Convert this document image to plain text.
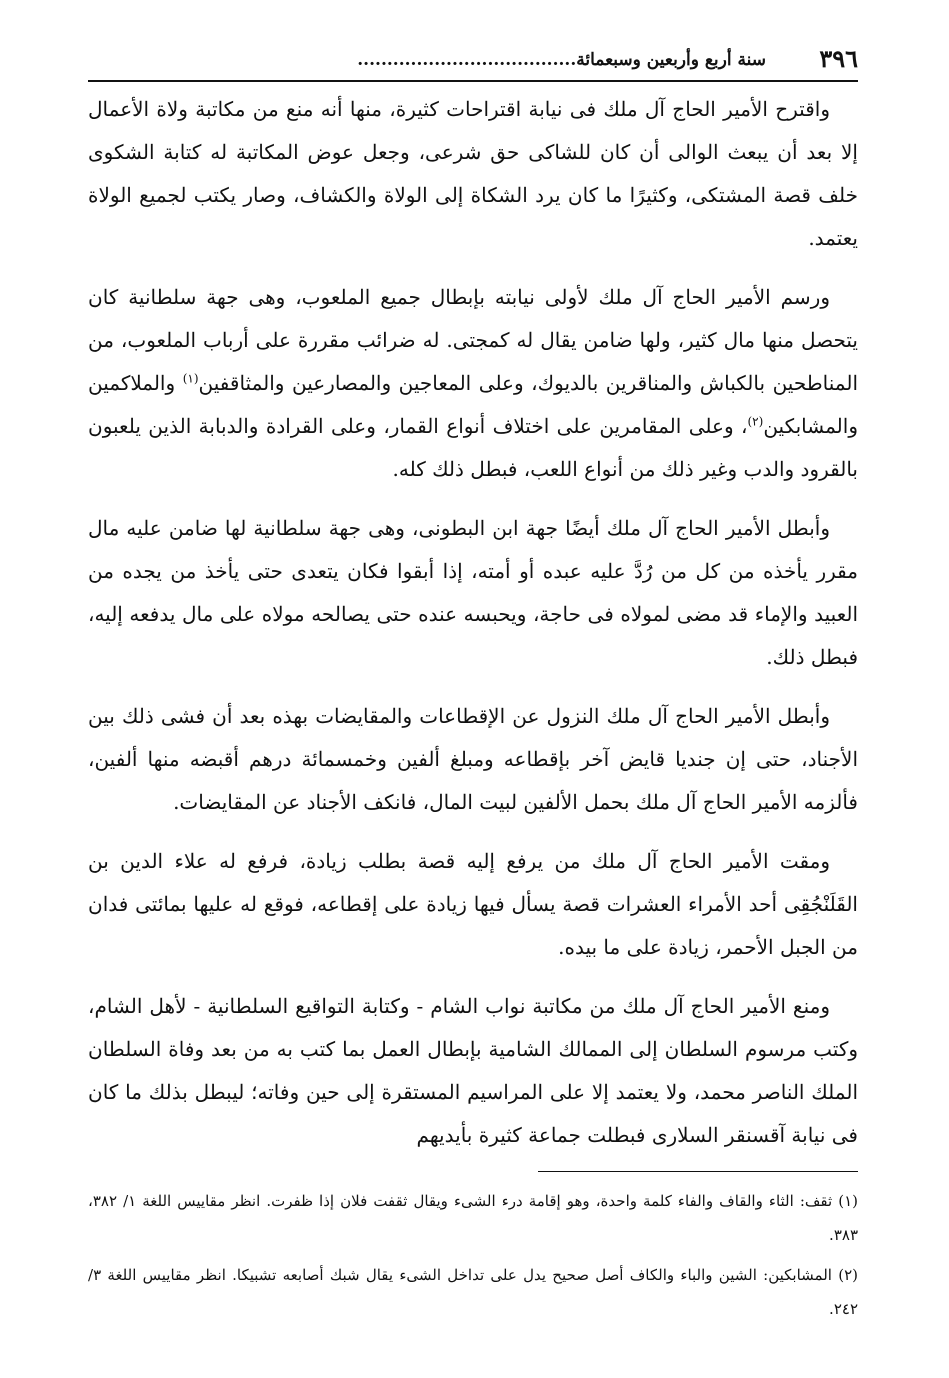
٣٩٦
سنة أربع وأربعين وسبعمائة.....................................

واقترح الأمير الحاج آل ملك فى نيابة اقتراحات كثيرة، منها أنه منع من مكاتبة ولاة الأعمال إلا بعد أن يبعث الوالى أن كان للشاكى حق شرعى، وجعل عوض المكاتبة له كتابة الشكوى خلف قصة المشتكى، وكثيرًا ما كان يرد الشكاة إلى الولاة والكشاف، وصار يكتب لجميع الولاة يعتمد.

ورسم الأمير الحاج آل ملك لأولى نيابته بإبطال جميع الملعوب، وهى جهة سلطانية كان يتحصل منها مال كثير، ولها ضامن يقال له كمجتى. له ضرائب مقررة على أرباب الملعوب، من المناطحين بالكباش والمناقرين بالديوك، وعلى المعاجين والمصارعين والمثاقفين$^{(١)}$ والملاكمين والمشابكين$^{(٢)}$، وعلى المقامرين على اختلاف أنواع القمار، وعلى القرادة والدبابة الذين يلعبون بالقرود والدب وغير ذلك من أنواع اللعب، فبطل ذلك كله.

وأبطل الأمير الحاج آل ملك أيضًا جهة ابن البطونى، وهى جهة سلطانية لها ضامن عليه مال مقرر يأخذه من كل من رُدَّ عليه عبده أو أمته، إذا أبقوا فكان يتعدى حتى يأخذ من يجده من العبيد والإماء قد مضى لمولاه فى حاجة، ويحبسه عنده حتى يصالحه مولاه على مال يدفعه إليه، فبطل ذلك.

وأبطل الأمير الحاج آل ملك النزول عن الإقطاعات والمقايضات بهذه بعد أن فشى ذلك بين الأجناد، حتى إن جنديا قايض آخر بإقطاعه ومبلغ ألفين وخمسمائة درهم أقبضه منها ألفين، فألزمه الأمير الحاج آل ملك بحمل الألفين لبيت المال، فانكف الأجناد عن المقايضات.

ومقت الأمير الحاج آل ملك من يرفع إليه قصة بطلب زيادة، فرفع له علاء الدين بن القَلَنْجُقِى أحد الأمراء العشرات قصة يسأل فيها زيادة على إقطاعه، فوقع له عليها بمائتى فدان من الجبل الأحمر، زيادة على ما بيده.

ومنع الأمير الحاج آل ملك من مكاتبة نواب الشام - وكتابة التواقيع السلطانية - لأهل الشام، وكتب مرسوم السلطان إلى الممالك الشامية بإبطال العمل بما كتب به من بعد وفاة السلطان الملك الناصر محمد، ولا يعتمد إلا على المراسيم المستقرة إلى حين وفاته؛ ليبطل بذلك ما كان فى نيابة آقسنقر السلارى فبطلت جماعة كثيرة بأيديهم

(١) ثقف: الثاء والقاف والفاء كلمة واحدة، وهو إقامة درء الشىء ويقال ثقفت فلان إذا ظفرت. انظر مقاييس اللغة ١/ ٣٨٢، ٣٨٣.

(٢) المشابكين: الشين والباء والكاف أصل صحيح يدل على تداخل الشىء يقال شبك أصابعه تشبيكا. انظر مقاييس اللغة ٣/ ٢٤٢.
